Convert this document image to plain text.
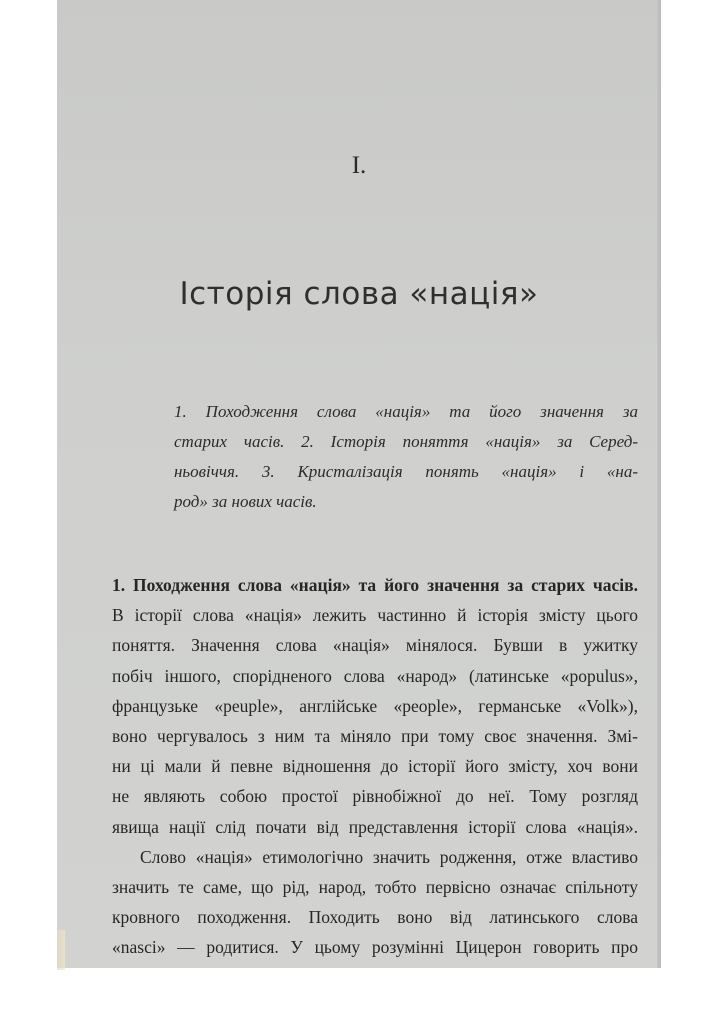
I.
Історія слова «нація»
1. Походження слова «нація» та його значення за
старих часів. 2. Історія поняття «нація» за Серед-
ньовіччя. 3. Кристалізація понять «нація» і «на-
род» за нових часів.
1. Походження слова «нація» та його значення за старих часів.
В історії слова «нація» лежить частинно й історія змісту цього
поняття. Значення слова «нація» мінялося. Бувши в ужитку
побіч іншого, спорідненого слова «народ» (латинське «populus»,
французьке «peuple», англійське «people», германське «Volk»),
воно чергувалось з ним та міняло при тому своє значення. Змі-
ни ці мали й певне відношення до історії його змісту, хоч вони
не являють собою простої рівнобіжної до неї. Тому розгляд
явища нації слід почати від представлення історії слова «нація».
Слово «нація» етимологічно значить родження, отже властиво
значить те саме, що рід, народ, тобто первісно означає спільноту
кровного походження. Походить воно від латинського слова
«nasci» — родитися. У цьому розумінні Цицерон говорить про
